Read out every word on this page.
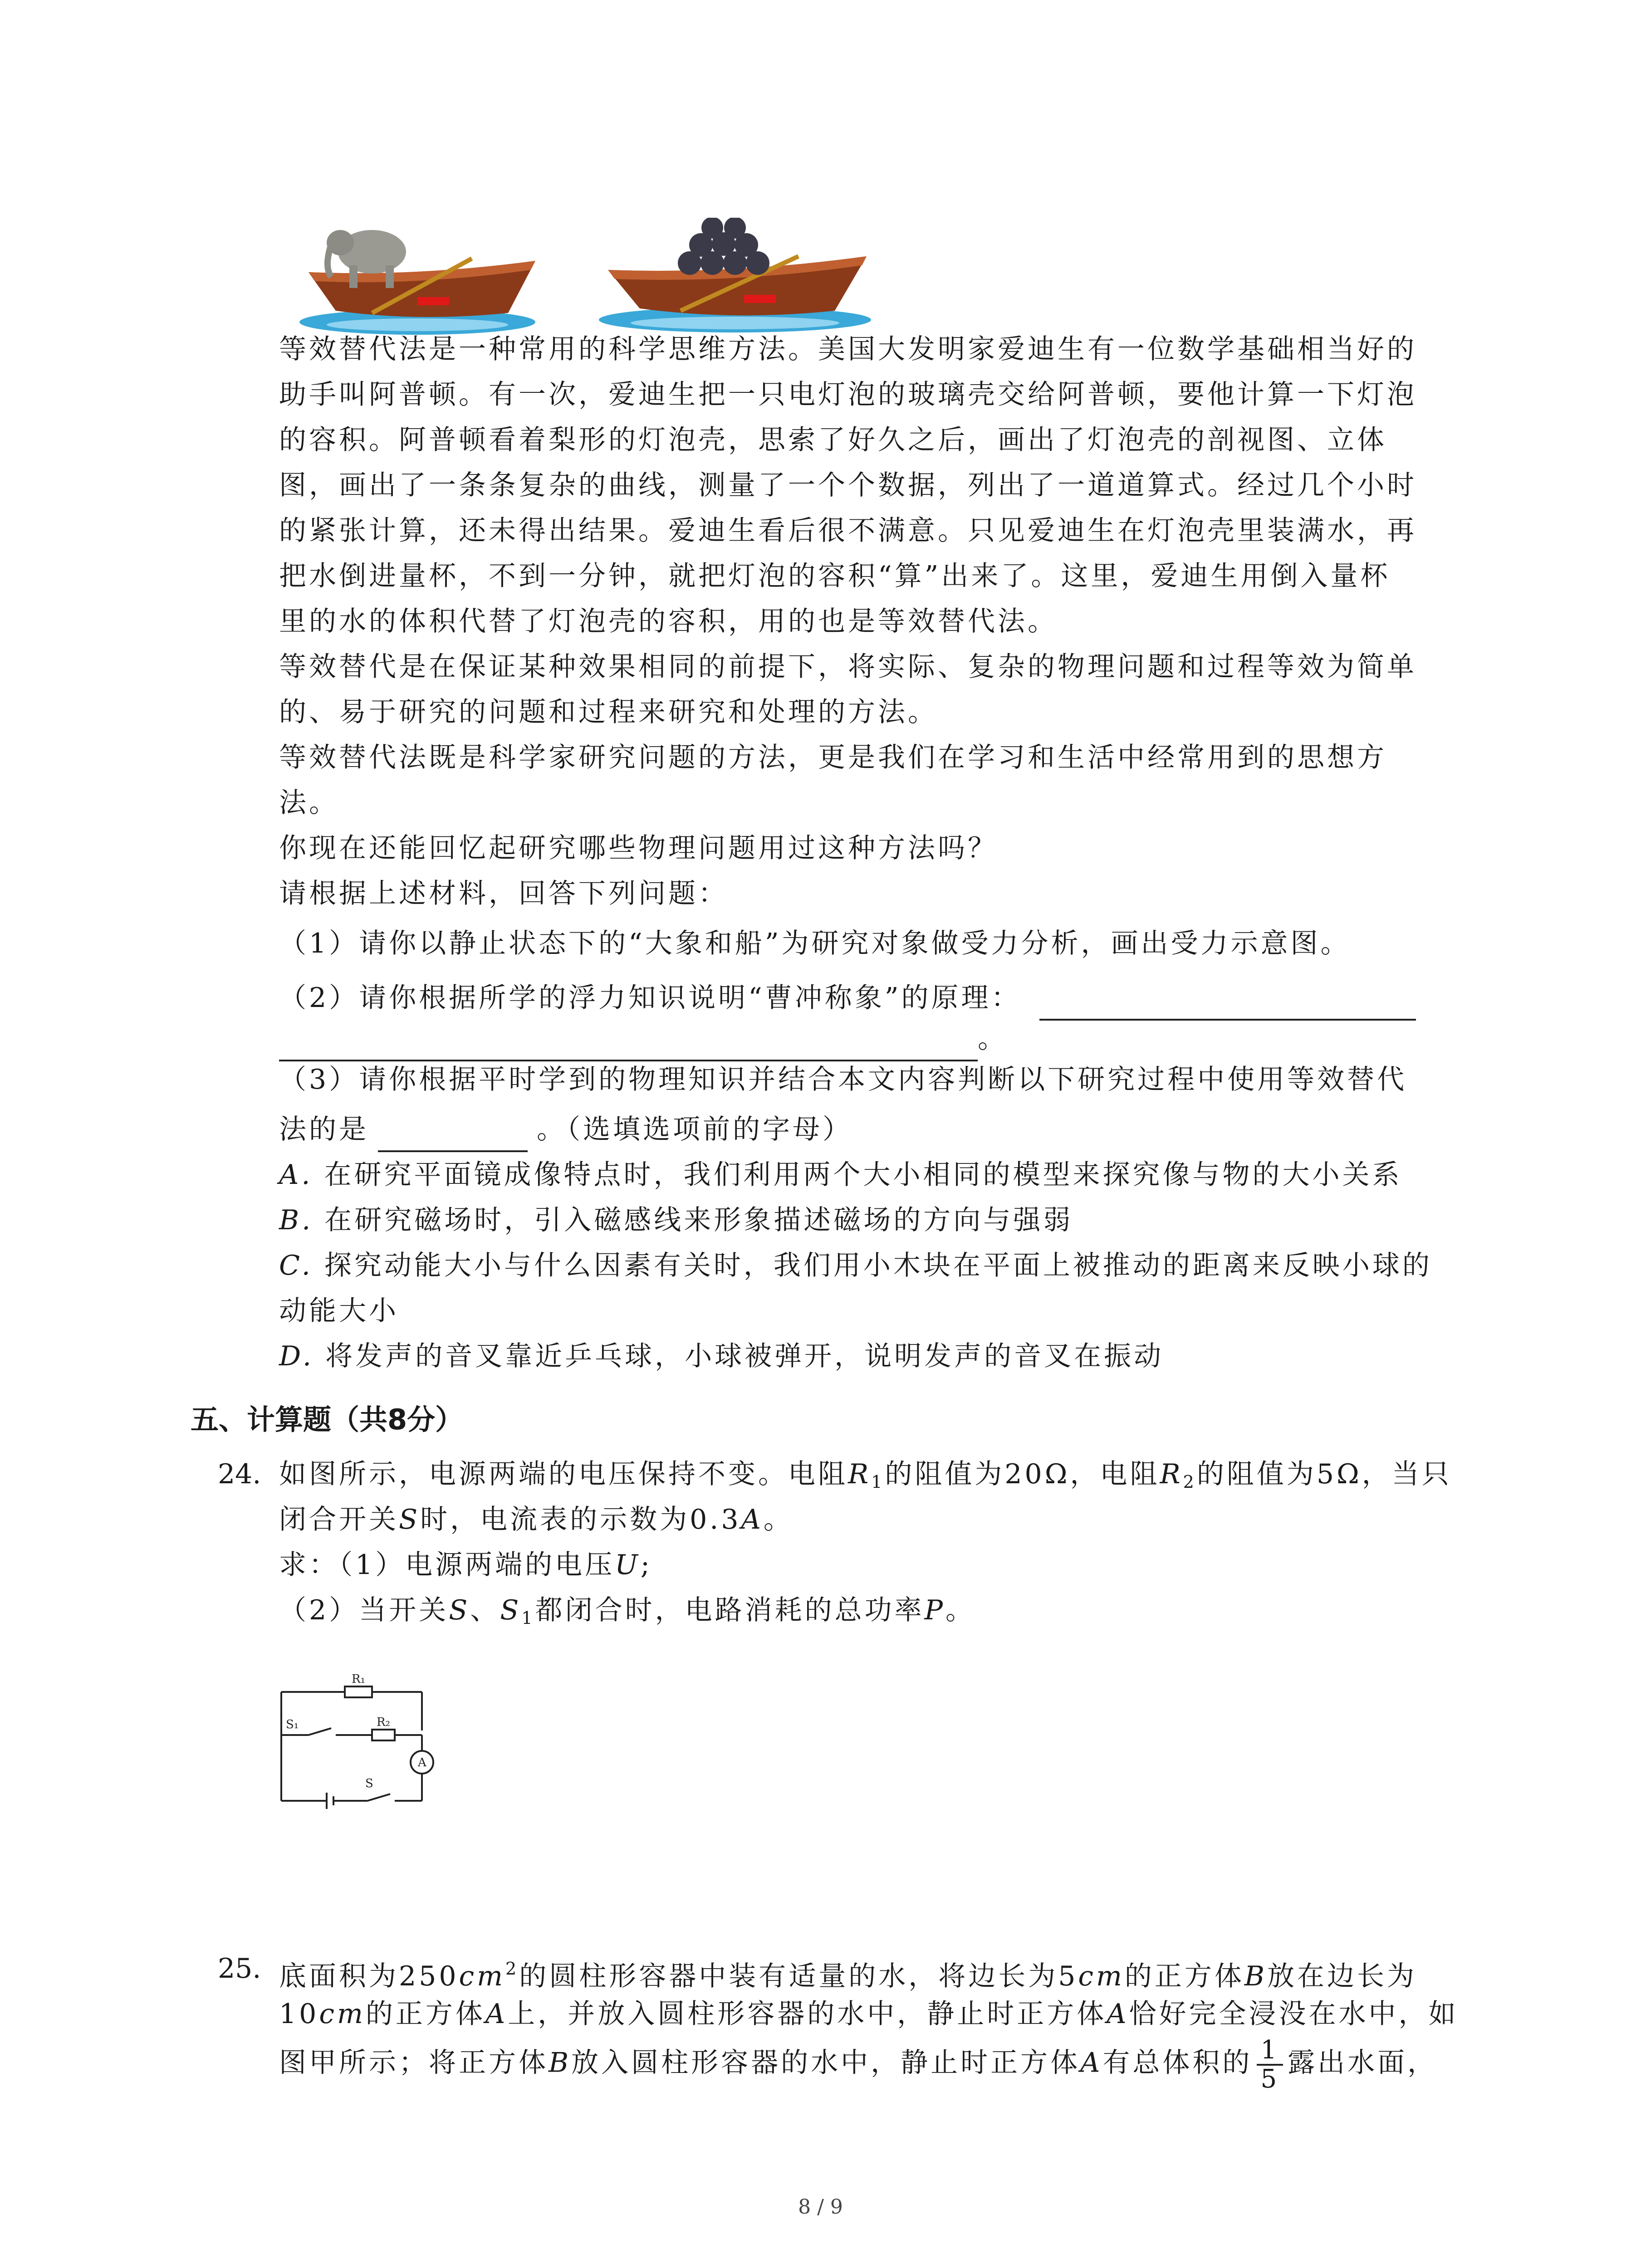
等效替代法是一种常用的科学思维方法。美国大发明家爱迪生有一位数学基础相当好的
助手叫阿普顿。有一次，爱迪生把一只电灯泡的玻璃壳交给阿普顿，要他计算一下灯泡
的容积。阿普顿看着梨形的灯泡壳，思索了好久之后，画出了灯泡壳的剖视图、立体
图，画出了一条条复杂的曲线，测量了一个个数据，列出了一道道算式。经过几个小时
的紧张计算，还未得出结果。爱迪生看后很不满意。只见爱迪生在灯泡壳里装满水，再
把水倒进量杯，不到一分钟，就把灯泡的容积“算”出来了。这里，爱迪生用倒入量杯
里的水的体积代替了灯泡壳的容积，用的也是等效替代法。
等效替代是在保证某种效果相同的前提下，将实际、复杂的物理问题和过程等效为简单
的、易于研究的问题和过程来研究和处理的方法。
等效替代法既是科学家研究问题的方法，更是我们在学习和生活中经常用到的思想方
法。
你现在还能回忆起研究哪些物理问题用过这种方法吗？
请根据上述材料，回答下列问题：
（1）请你以静止状态下的“大象和船”为研究对象做受力分析，画出受力示意图。
（2）请你根据所学的浮力知识说明“曹冲称象”的原理：
。
（3）请你根据平时学到的物理知识并结合本文内容判断以下研究过程中使用等效替代
法的是	。（选填选项前的字母）
A. 在研究平面镜成像特点时，我们利用两个大小相同的模型来探究像与物的大小关系
B. 在研究磁场时，引入磁感线来形象描述磁场的方向与强弱
C. 探究动能大小与什么因素有关时，我们用小木块在平面上被推动的距离来反映小球的
动能大小
D. 将发声的音叉靠近乒乓球，小球被弹开，说明发声的音叉在振动
五、计算题（共8分）
24. 如图所示，电源两端的电压保持不变。电阻$R_1$的阻值为20Ω，电阻$R_2$的阻值为5Ω，当只
闭合开关S时，电流表的示数为0.3A。
求：（1）电源两端的电压U;
（2）当开关S、$S_1$都闭合时，电路消耗的总功率P。
R₁
S₁	R₂
S
A
25. 底面积为$250cm^2$的圆柱形容器中装有适量的水，将边长为5cm的正方体B放在边长为
10cm的正方体A上，并放入圆柱形容器的水中，静止时正方体A恰好完全浸没在水中，如
图甲所示；将正方体B放入圆柱形容器的水中，静止时正方体A有总体积的 $\frac{1}{5}$ 露出水面，
8 / 9
